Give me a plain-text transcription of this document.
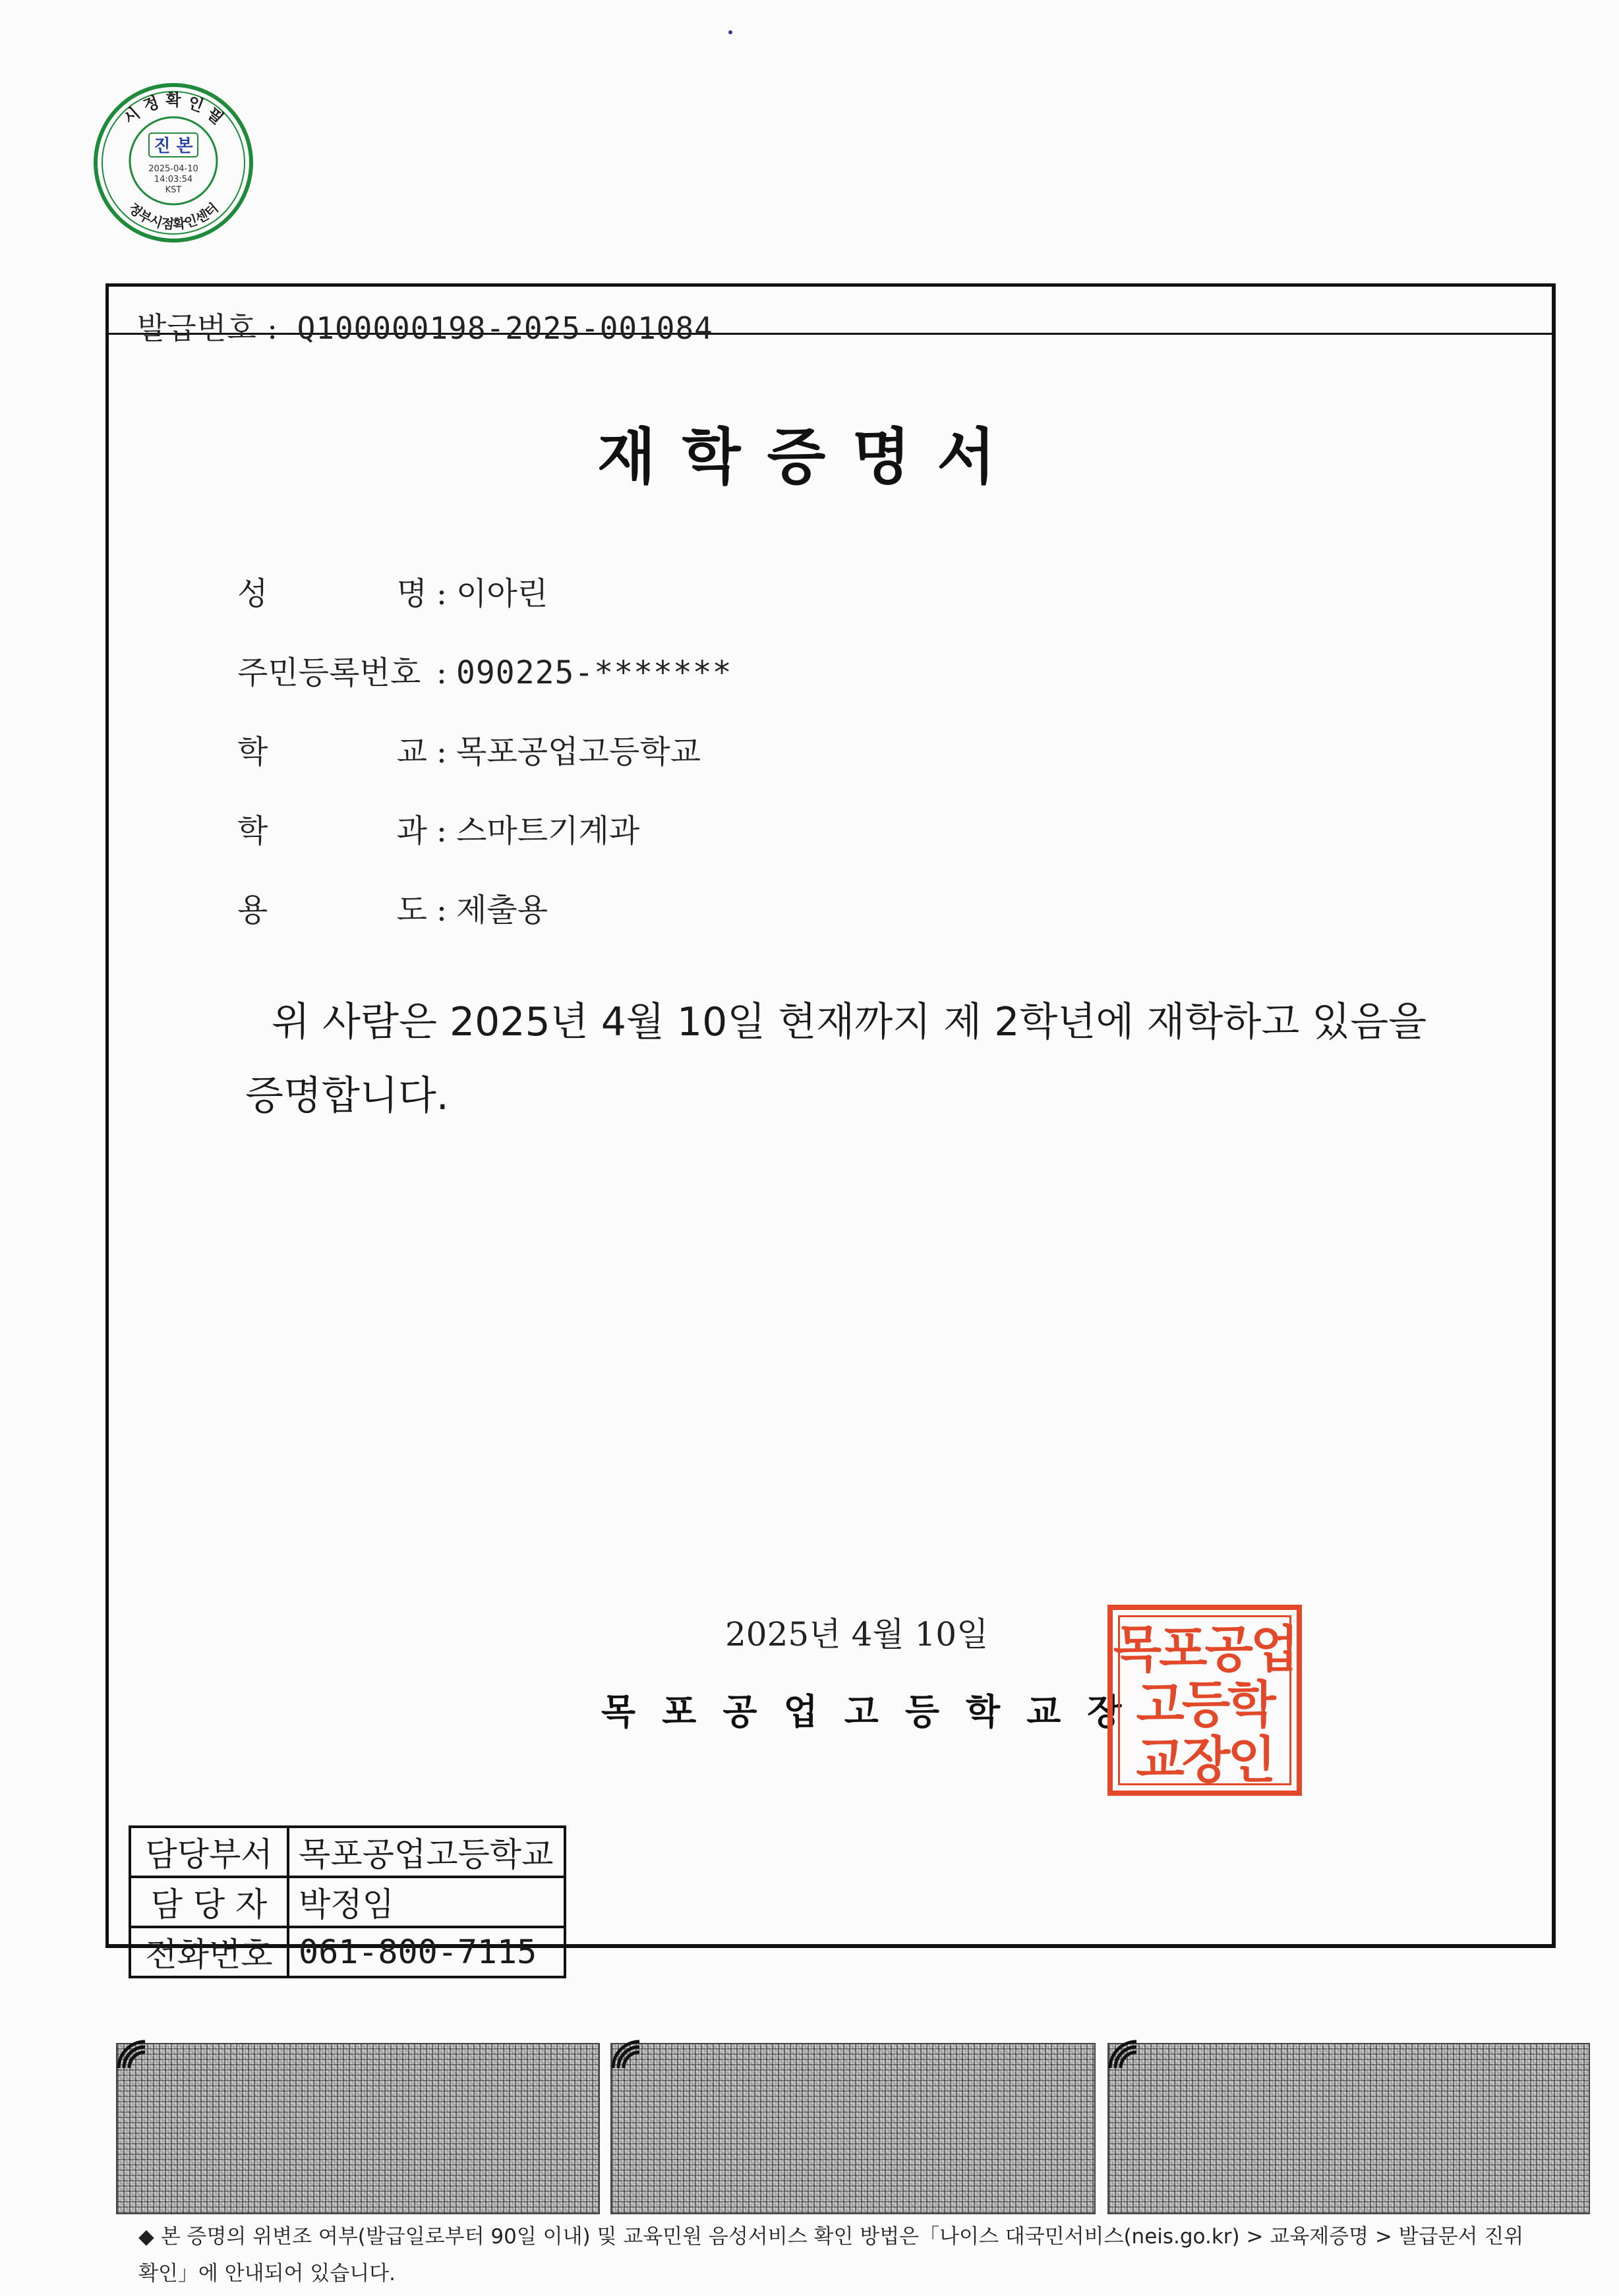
시 정 확 인 필
정부시점확인센터
진 본
2025-04-10
14:03:54
KST
발급번호 : Q100000198-2025-001084
재학증명서
성	명 : 이아린
주민등록번호 : 090225-*******
학	교 : 목포공업고등학교
학	과 : 스마트기계과
용	도 : 제출용
위 사람은 2025년 4월 10일 현재까지 제 2학년에 재학하고 있음을 증명합니다.
2025년 4월 10일
목포공업고등학교장
목포공업
고등학
교장인
담당부서	목포공업고등학교
담 당 자	박정임
전화번호	061-800-7115
◆ 본 증명의 위변조 여부(발급일로부터 90일 이내) 및 교육민원 음성서비스 확인 방법은「나이스 대국민서비스(neis.go.kr) > 교육제증명 > 발급문서 진위확인」에 안내되어 있습니다.
